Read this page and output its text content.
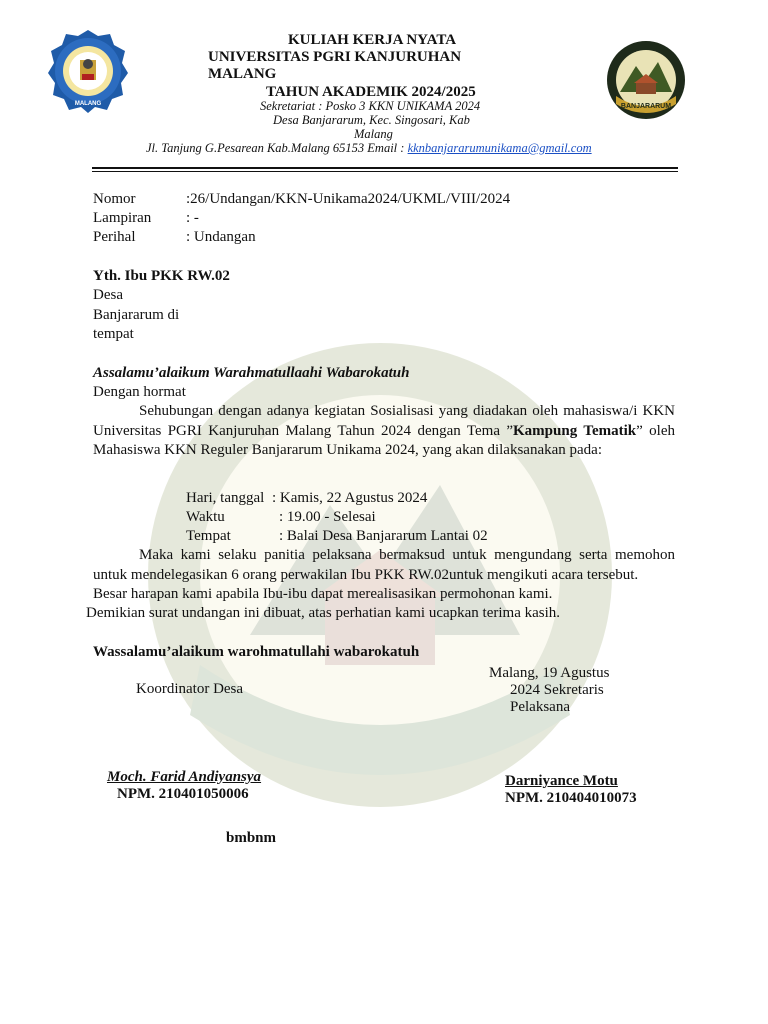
MALANG	BANJARARUM
KULIAH KERJA NYATA
UNIVERSITAS PGRI KANJURUHAN
MALANG
TAHUN AKADEMIK 2024/2025
Sekretariat : Posko 3 KKN UNIKAMA 2024
Desa Banjararum, Kec. Singosari, Kab
Malang
Jl. Tanjung G.Pesarean Kab.Malang 65153 Email : kknbanjararumunikama@gmail.com
Nomor	:26/Undangan/KKN-Unikama2024/UKML/VIII/2024
Lampiran : -
Perihal	: Undangan
Yth. Ibu PKK RW.02
Desa
Banjararum di
tempat
Assalamu’alaikum Warahmatullaahi Wabarokatuh
Dengan hormat
Sehubungan dengan adanya kegiatan Sosialisasi yang diadakan oleh mahasiswa/i KKN Universitas PGRI Kanjuruhan Malang Tahun 2024 dengan Tema ”Kampung Tematik” oleh Mahasiswa KKN Reguler Banjararum Unikama 2024, yang akan dilaksanakan pada:
Hari, tanggal : Kamis, 22 Agustus 2024
Waktu	: 19.00 - Selesai
Tempat	: Balai Desa Banjararum Lantai 02
Maka kami selaku panitia pelaksana bermaksud untuk mengundang serta memohon untuk mendelegasikan 6 orang perwakilan Ibu PKK RW.02untuk mengikuti acara tersebut.
Besar harapan kami apabila Ibu-ibu dapat merealisasikan permohonan kami.
Demikian surat undangan ini dibuat, atas perhatian kami ucapkan terima kasih.
Wassalamu’alaikum warohmatullahi wabarokatuh
Malang, 19 Agustus
2024 Sekretaris
Pelaksana
Koordinator Desa
Moch. Farid Andiyansya
NPM. 210401050006
Darniyance Motu
NPM. 210404010073
bmbnm
